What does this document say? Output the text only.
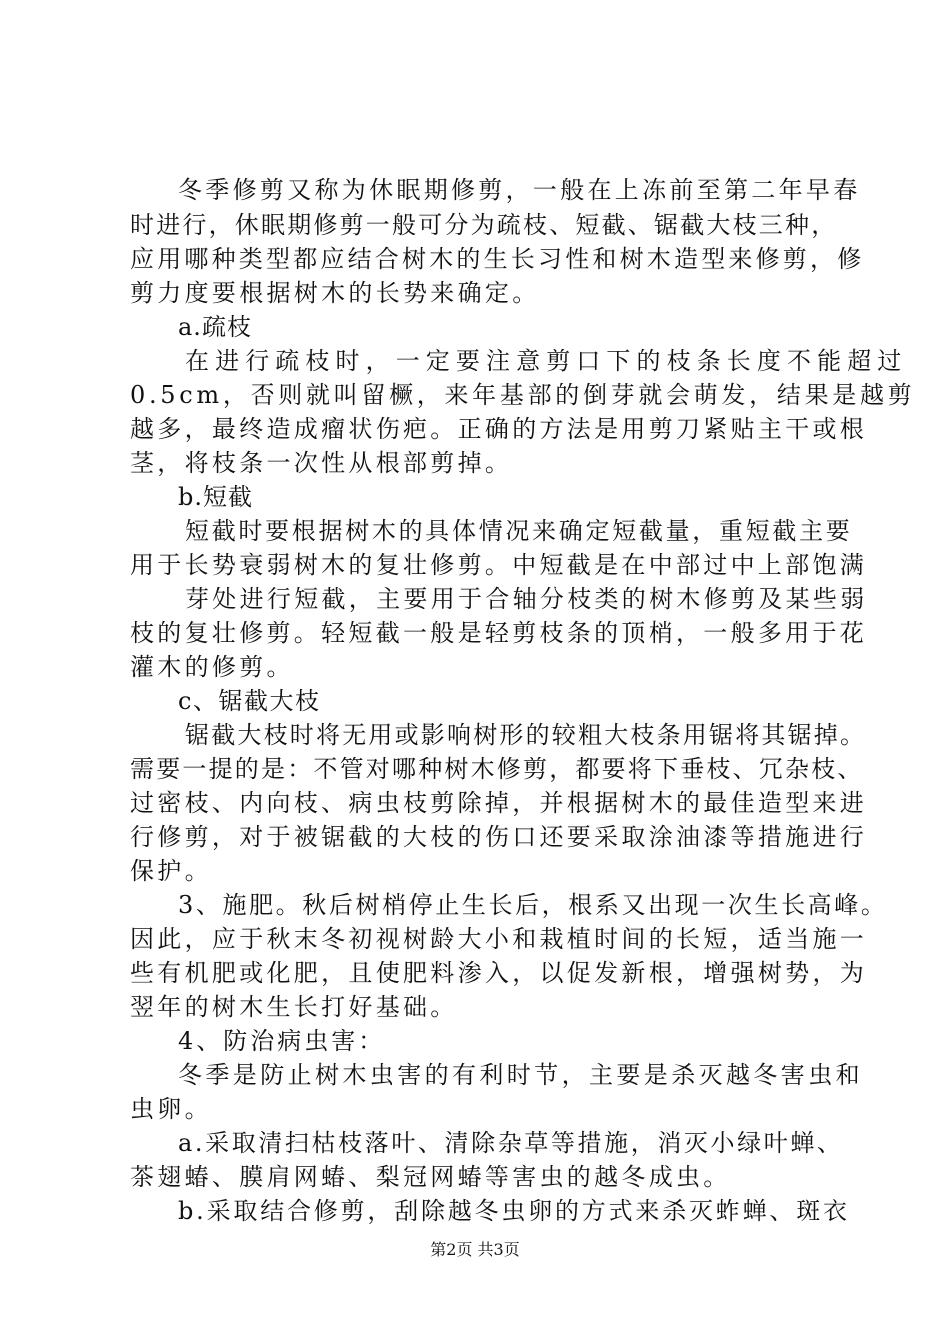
冬季修剪又称为休眠期修剪，一般在上冻前至第二年早春

时进行，休眠期修剪一般可分为疏枝、短截、锯截大枝三种，

应用哪种类型都应结合树木的生长习性和树木造型来修剪，修

剪力度要根据树木的长势来确定。

a.疏枝

在进行疏枝时，一定要注意剪口下的枝条长度不能超过

0.5cm，否则就叫留橛，来年基部的倒芽就会萌发，结果是越剪

越多，最终造成瘤状伤疤。正确的方法是用剪刀紧贴主干或根

茎，将枝条一次性从根部剪掉。

b.短截

短截时要根据树木的具体情况来确定短截量，重短截主要

用于长势衰弱树木的复壮修剪。中短截是在中部过中上部饱满

芽处进行短截，主要用于合轴分枝类的树木修剪及某些弱

枝的复壮修剪。轻短截一般是轻剪枝条的顶梢，一般多用于花

灌木的修剪。

c、锯截大枝

锯截大枝时将无用或影响树形的较粗大枝条用锯将其锯掉。

需要一提的是：不管对哪种树木修剪，都要将下垂枝、冗杂枝、

过密枝、内向枝、病虫枝剪除掉，并根据树木的最佳造型来进

行修剪，对于被锯截的大枝的伤口还要采取涂油漆等措施进行

保护。

3、施肥。秋后树梢停止生长后，根系又出现一次生长高峰。

因此，应于秋末冬初视树龄大小和栽植时间的长短，适当施一

些有机肥或化肥，且使肥料渗入，以促发新根，增强树势，为

翌年的树木生长打好基础。

4、防治病虫害：

冬季是防止树木虫害的有利时节，主要是杀灭越冬害虫和

虫卵。

a.采取清扫枯枝落叶、清除杂草等措施，消灭小绿叶蝉、

茶翅蝽、膜肩网蝽、梨冠网蝽等害虫的越冬成虫。

b.采取结合修剪，刮除越冬虫卵的方式来杀灭蚱蝉、斑衣

第2页 共3页
